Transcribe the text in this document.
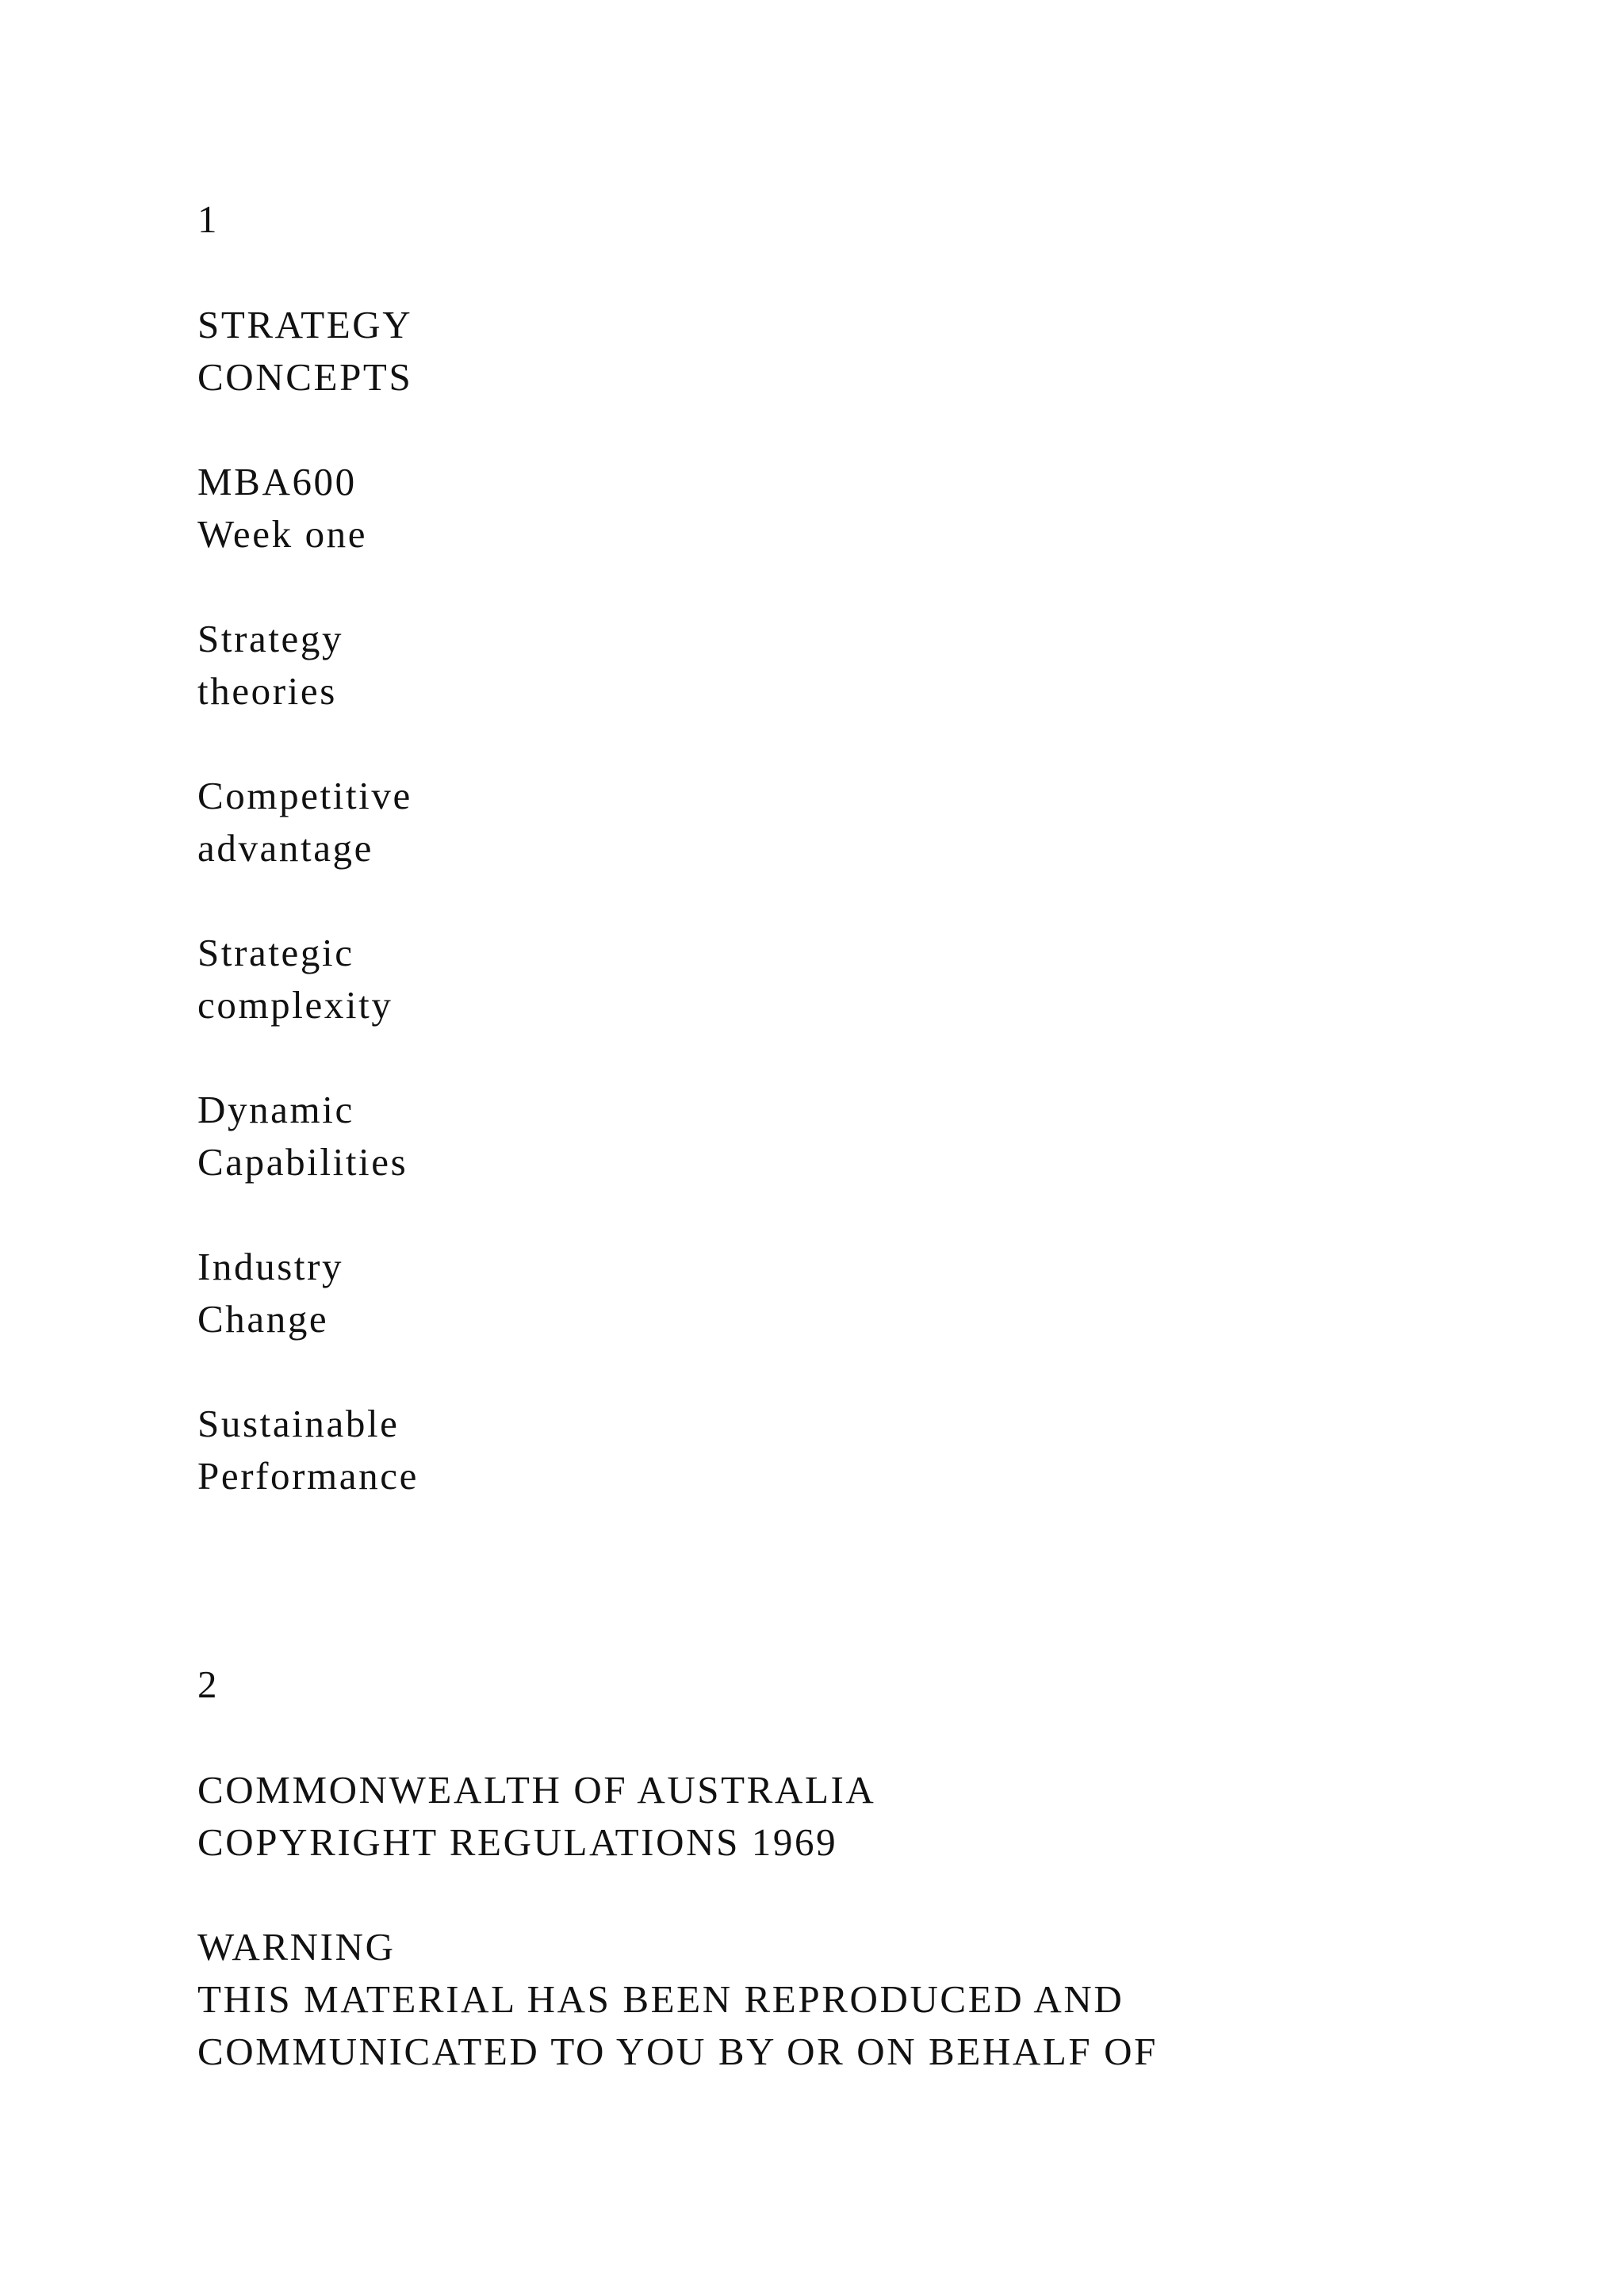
1

STRATEGY

CONCEPTS

MBA600

Week one

Strategy

theories

Competitive

advantage

Strategic

complexity

Dynamic

Capabilities

Industry

Change

Sustainable

Performance

2

COMMONWEALTH OF AUSTRALIA

COPYRIGHT REGULATIONS 1969

WARNING

THIS MATERIAL HAS BEEN REPRODUCED AND

COMMUNICATED TO YOU BY OR ON BEHALF OF
